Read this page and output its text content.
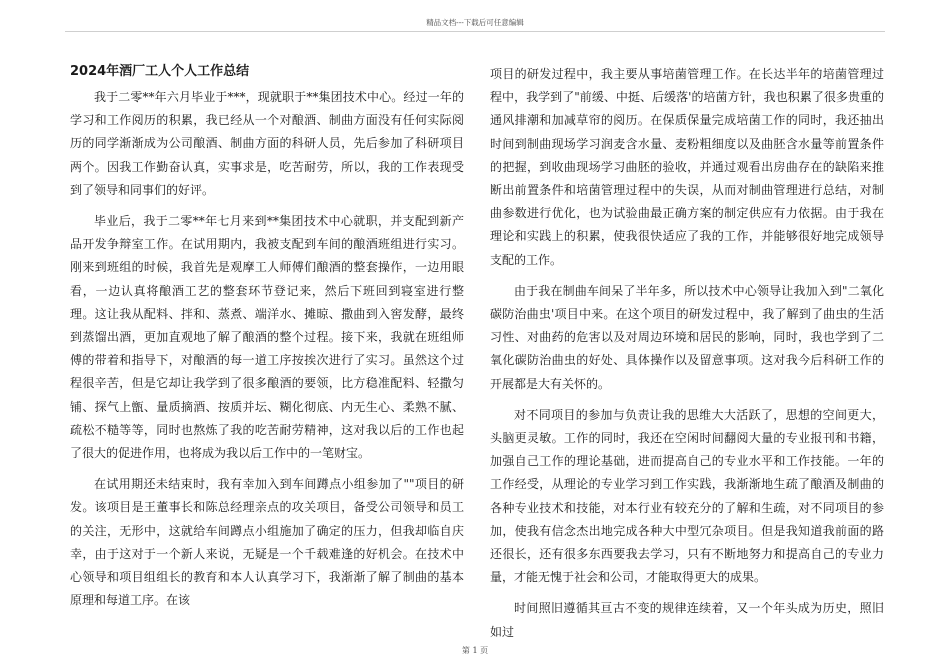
精品文档---下载后可任意编辑
2024年酒厂工人个人工作总结

我于二零**年六月毕业于***，现就职于**集团技术中心。经过一年的学习和工作阅历的积累，我已经从一个对酿酒、制曲方面没有任何实际阅历的同学渐渐成为公司酿酒、制曲方面的科研人员，先后参加了科研项目两个。因我工作勤奋认真，实事求是，吃苦耐劳，所以，我的工作表现受到了领导和同事们的好评。

毕业后，我于二零**年七月来到**集团技术中心就职，并支配到新产品开发争辩室工作。在试用期内，我被支配到车间的酿酒班组进行实习。刚来到班组的时候，我首先是观摩工人师傅们酿酒的整套操作，一边用眼看，一边认真将酿酒工艺的整套环节登记来，然后下班回到寝室进行整理。这让我从配料、拌和、蒸煮、端洋水、摊晾、撒曲到入窖发酵，最终到蒸馏出酒，更加直观地了解了酿酒的整个过程。接下来，我就在班组师傅的带着和指导下，对酿酒的每一道工序按挨次进行了实习。虽然这个过程很辛苦，但是它却让我学到了很多酿酒的要领，比方稳准配料、轻撒匀铺、探气上甑、量质摘酒、按质并坛、糊化彻底、内无生心、柔熟不腻、疏松不糙等等，同时也熬炼了我的吃苦耐劳精神，这对我以后的工作也起了很大的促进作用，也将成为我以后工作中的一笔财宝。

在试用期还未结束时，我有幸加入到车间蹲点小组参加了""项目的研发。该项目是王董事长和陈总经理亲点的攻关项目，备受公司领导和员工的关注，无形中，这就给车间蹲点小组施加了确定的压力，但我却临自庆幸，由于这对于一个新人来说，无疑是一个千载难逢的好机会。在技术中心领导和项目组组长的教育和本人认真学习下，我渐渐了解了制曲的基本原理和每道工序。在该

项目的研发过程中，我主要从事培菌管理工作。在长达半年的培菌管理过程中，我学到了"前缓、中挺、后缓落'的培菌方针，我也积累了很多贵重的通风排潮和加减草帘的阅历。在保质保量完成培菌工作的同时，我还抽出时间到制曲现场学习润麦含水量、麦粉粗细度以及曲胚含水量等前置条件的把握，到收曲现场学习曲胚的验收，并通过观看出房曲存在的缺陷来推断出前置条件和培菌管理过程中的失误，从而对制曲管理进行总结，对制曲参数进行优化，也为试验曲最正确方案的制定供应有力依据。由于我在理论和实践上的积累，使我很快适应了我的工作，并能够很好地完成领导支配的工作。

由于我在制曲车间呆了半年多，所以技术中心领导让我加入到"二氧化碳防治曲虫'项目中来。在这个项目的研发过程中，我了解到了曲虫的生活习性、对曲药的危害以及对周边环境和居民的影响，同时，我也学到了二氧化碳防治曲虫的好处、具体操作以及留意事项。这对我今后科研工作的开展都是大有关怀的。

对不同项目的参加与负责让我的思维大大活跃了，思想的空间更大，头脑更灵敏。工作的同时，我还在空闲时间翻阅大量的专业报刊和书籍，加强自己工作的理论基础，进而提高自己的专业水平和工作技能。一年的工作经受，从理论的专业学习到工作实践，我渐渐地生疏了酿酒及制曲的各种专业技术和技能，对本行业有较充分的了解和生疏，对不同项目的参加，使我有信念杰出地完成各种大中型冗杂项目。但是我知道我前面的路还很长，还有很多东西要我去学习，只有不断地努力和提高自己的专业力量，才能无愧于社会和公司，才能取得更大的成果。

时间照旧遵循其亘古不变的规律连续着，又一个年头成为历史，照旧如过

第 1 页
